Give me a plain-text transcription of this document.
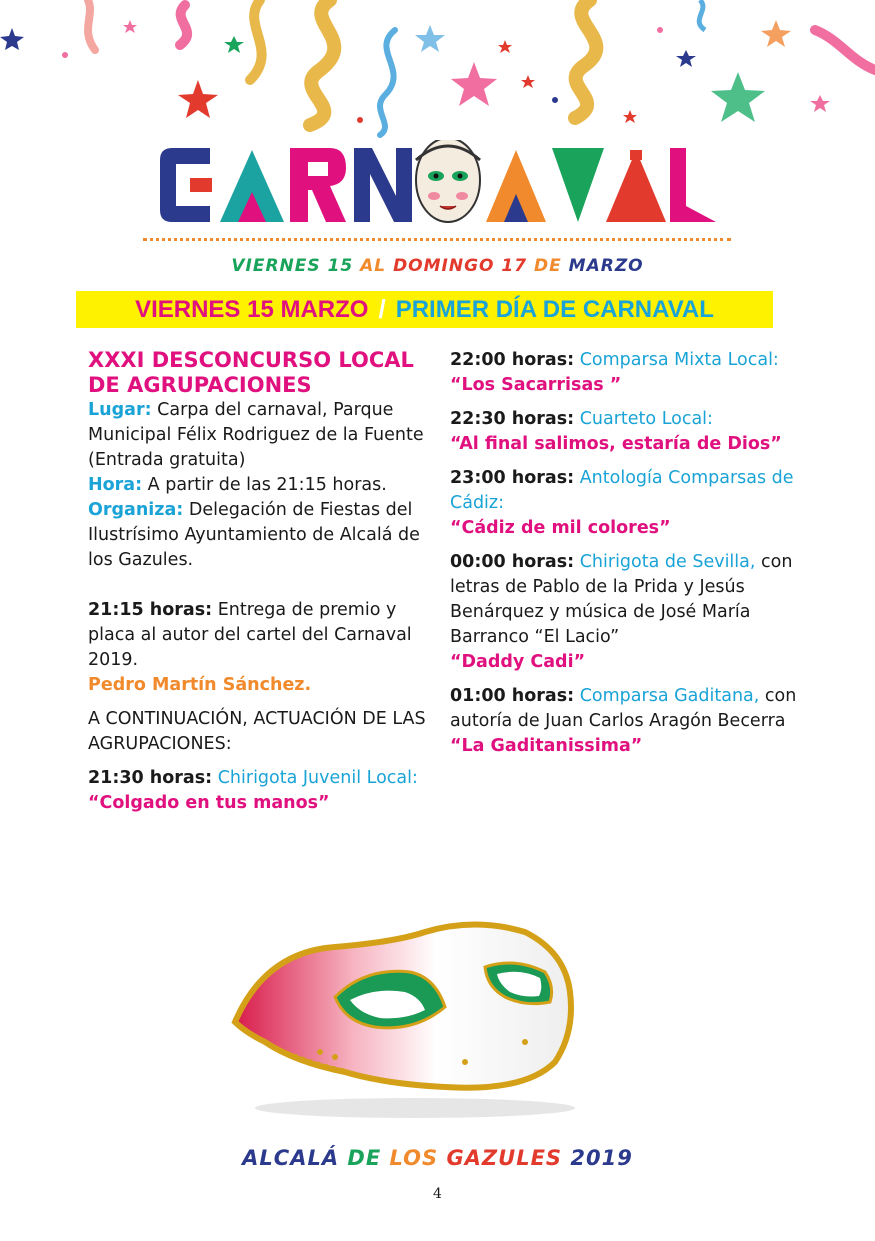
VIERNES 15 AL DOMINGO 17 DE MARZO
VIERNES 15 MARZO / PRIMER DÍA DE CARNAVAL

XXXI DESCONCURSO LOCAL DE AGRUPACIONES

Lugar: Carpa del carnaval, Parque Municipal Félix Rodriguez de la Fuente (Entrada gratuita)

Hora: A partir de las 21:15 horas.

Organiza: Delegación de Fiestas del Ilustrísimo Ayuntamiento de Alcalá de los Gazules.

21:15 horas: Entrega de premio y placa al autor del cartel del Carnaval 2019.

Pedro Martín Sánchez.

A CONTINUACIÓN, ACTUACIÓN DE LAS AGRUPACIONES:

21:30 horas: Chirigota Juvenil Local: “Colgado en tus manos”

22:00 horas: Comparsa Mixta Local: “Los Sacarrisas ”

22:30 horas: Cuarteto Local:

“Al final salimos, estaría de Dios”

23:00 horas: Antología Comparsas de Cádiz:

“Cádiz de mil colores”

00:00 horas: Chirigota de Sevilla, con letras de Pablo de la Prida y Jesús Benárquez y música de José María Barranco “El Lacio”

“Daddy Cadi”

01:00 horas: Comparsa Gaditana, con autoría de Juan Carlos Aragón Becerra

“La Gaditanissima”

ALCALÁ DE LOS GAZULES 2019
4
